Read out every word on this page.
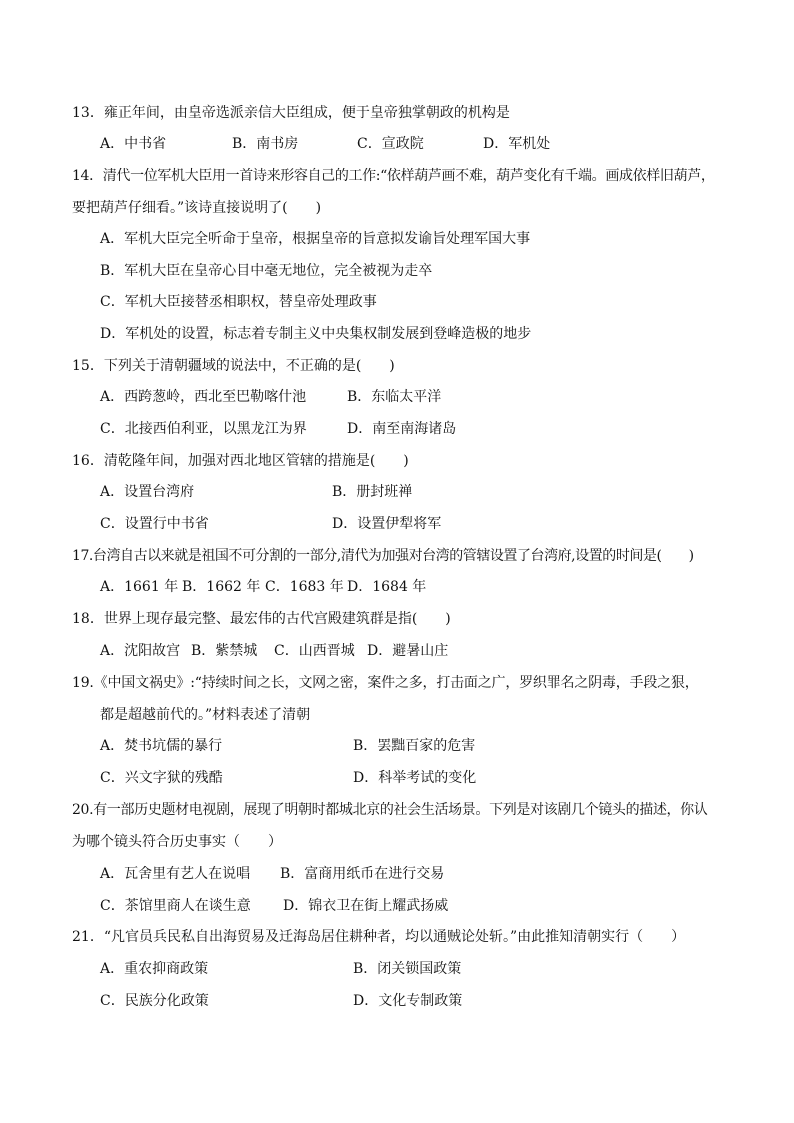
13．雍正年间，由皇帝选派亲信大臣组成，便于皇帝独掌朝政的机构是
A．中书省	B．南书房	C．宣政院	D．军机处
14．清代一位军机大臣用一首诗来形容自己的工作:“依样葫芦画不难，葫芦变化有千端。画成依样旧葫芦，
要把葫芦仔细看。”该诗直接说明了(　　)
A．军机大臣完全听命于皇帝，根据皇帝的旨意拟发谕旨处理军国大事
B．军机大臣在皇帝心目中毫无地位，完全被视为走卒
C．军机大臣接替丞相职权，替皇帝处理政事
D．军机处的设置，标志着专制主义中央集权制发展到登峰造极的地步
15．下列关于清朝疆域的说法中，不正确的是(　　)
A．西跨葱岭，西北至巴勒喀什池	B．东临太平洋
C．北接西伯利亚，以黑龙江为界	D．南至南海诸岛
16．清乾隆年间，加强对西北地区管辖的措施是(　　)
A．设置台湾府	B．册封班禅
C．设置行中书省	D．设置伊犁将军
17.台湾自古以来就是祖国不可分割的一部分,清代为加强对台湾的管辖设置了台湾府,设置的时间是(　　)
A．1661 年 B．1662 年 C．1683 年 D．1684 年
18．世界上现存最完整、最宏伟的古代宫殿建筑群是指(　　)
A．沈阳故宫 B．紫禁城 C．山西晋城 D．避暑山庄
19.《中国文祸史》:“持续时间之长，文网之密，案件之多，打击面之广，罗织罪名之阴毒，手段之狠，
都是超越前代的。”材料表述了清朝
A．焚书坑儒的暴行	B．罢黜百家的危害
C．兴文字狱的残酷	D．科举考试的变化
20.有一部历史题材电视剧，展现了明朝时都城北京的社会生活场景。下列是对该剧几个镜头的描述，你认
为哪个镜头符合历史事实（　　）
A．瓦舍里有艺人在说唱 B．富商用纸币在进行交易
C．茶馆里商人在谈生意 D．锦衣卫在街上耀武扬威
21．“凡官员兵民私自出海贸易及迁海岛居住耕种者，均以通贼论处斩。”由此推知清朝实行（　　）
A．重农抑商政策	B．闭关锁国政策
C．民族分化政策	D．文化专制政策
